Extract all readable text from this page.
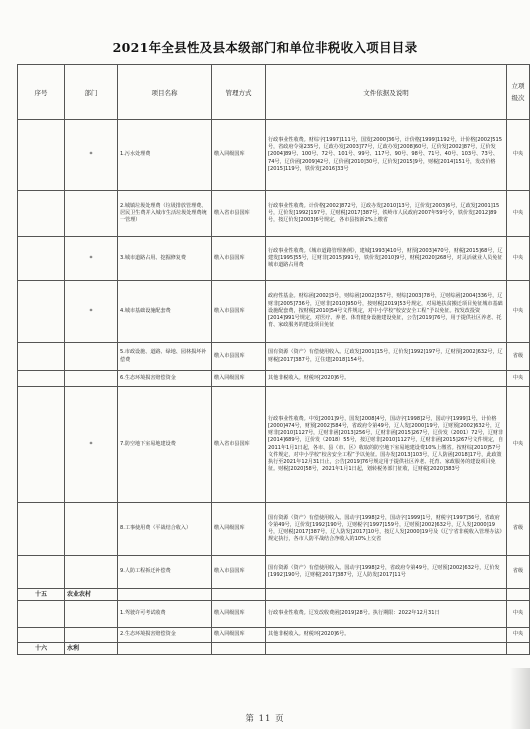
2021年全县性及县本级部门和单位非税收入项目目录
序号	部门	项目名称	管理方式	文件依据及说明	立项
级次

	*	1.污水处理费	缴入同级国库	行政事业性收费。财综字[1997]111号，国发[2000]36号，计价格[1999]1192号，计价格[2002]515号，省政府令第235号，辽政办发[2003]77号，辽政办发[2008]60号，辽价发[2002]87号，辽价发[2004]89号、100号、72号、101号、99号、117号、90号、98号、71号、40号、103号、73号、74号，辽价函[2009]42号，辽价函[2010]30号，辽价发[2015]9号，财税[2014]151号，发改价格[2015]119号，铁价发[2016]33号	中央
		2.城镇垃圾处理费（垃圾排放管理费、居民卫生费并入城市生活垃圾处理费统一管理）	缴入省市县国库	行政事业性收费。计价格[2002]872号，辽政办发[2010]13号，辽价发[2003]6号，辽政发[2001]15号，辽价发[1992]197号，辽财税[2017]387号，铁岭市人民政府2007年59号令，铁价发[2012]89号，按辽价发[2003]6号规定，各市县按新2%上缴省	中央
	*	3.城市道路占用、挖掘修复费	缴入市县国库	行政事业性收费。《城市道路管理条例》，建城[1993]410号，财预[2003]470号，财税[2015]68号，辽建发[1995]55号，辽财非[2015]991号，铁价发[2010]9号，财税[2020]268号，对灵活就业人员免征城市道路占用费	中央
	*	4.城市基础设施配套费	缴入市县国库	政府性基金。财综函[2002]3号，财综函[2002]357号，财综[2003]78号，辽财综函[2004]336号，辽财非[2005]736号，辽财非[2010]950号，按财税[2019]53号规定，对易地扶贫搬迁项目免征城市基础设施配套费，按财税[2010]54号文件规定，对中小学校“校安安全工程”予以免征。按发改投资[2014]991号规定，对医疗、养老、体育健身设施建设免征，公告[2019]76号，用于提供社区养老、托育、家政服务的建设项目免征	中央
		5.市政设施、道路、绿地、园林损坏补偿费	缴入市县国库	国有资源（资产）有偿使用收入。辽政发[2001]15号，辽价发[1992]197号，辽财预[2002]632号，辽财税[2017]387号，辽住建[2018]154号。	省级
		6.生态环境损害赔偿资金	缴入同级国库	其他非税收入。财税环[2020]6号。	中央
	*	7.防空地下室易地建设费	缴入省市县国库	行政事业性收费。中发[2001]9号，国发[2008]4号，国动字[1998]2号，国动字[1999]1号，计价格[2000]474号，财预[2002]584号，省政府令第49号，辽人发[2000]19号，辽财预[2002]632号，辽财非[2010]1127号，辽财非函[2013]256号，辽财非函[2015]267号，辽价发（2001）72号，辽财非[2014]689号，辽价发（2018）55号，按辽财非[2010]1127号，辽财非函[2015]267号文件规定，自2011年1月1日起，各市、县（市、区）收取的防空地下室易地建设费10%上缴省。按财综[2010]57号文件规定，对中小学校“校舍安全工程”予以免征。国办发[2013]103号，辽人防函[2018]17号，此政策执行至2021年12月31日止，公告[2019]76号规定用于提供社区养老、托育、家政服务的建设项目免征。财税[2020]58号，2021年1月1日起，划转税务部门征收，辽财税[2020]383号	中央
		8.工事使用费（平战结合收入）	缴入同级国库	国有资源（资产）有偿使用收入。国动字[1998]2号，国动字[1999]1号，财税字[1997]36号，省政府令第49号，辽价发[1992]190号，辽财税字[1997]159号，辽财预[2002]632号，辽人发[2000]19号，辽财税[2017]387号，辽人防发[2017]10号，按辽人发[2000]19号及《辽宁省非税收入管理办法》规定执行，各市人防平战结合净收入的10%上交省	省级
		9.人防工程拆迁补偿费	缴入市县国库	国有资源（资产）有偿使用收入。国动字[1998]2号，省政府令第49号，辽财预[2002]632号，辽价发[1992]190号，辽财税[2017]387号，辽人防发[2017]11号	省级
十五	农业农村				
		1.驾驶许可考试收费	缴入同级国库	行政事业性收费。辽发改收费函[2019]28号。执行期限：2022年12月31日	中央
		2.生态环境损害赔偿资金	缴入同级国库	其他非税收入。财税环[2020]6号。	中央
十六	水利				
第 11 页
